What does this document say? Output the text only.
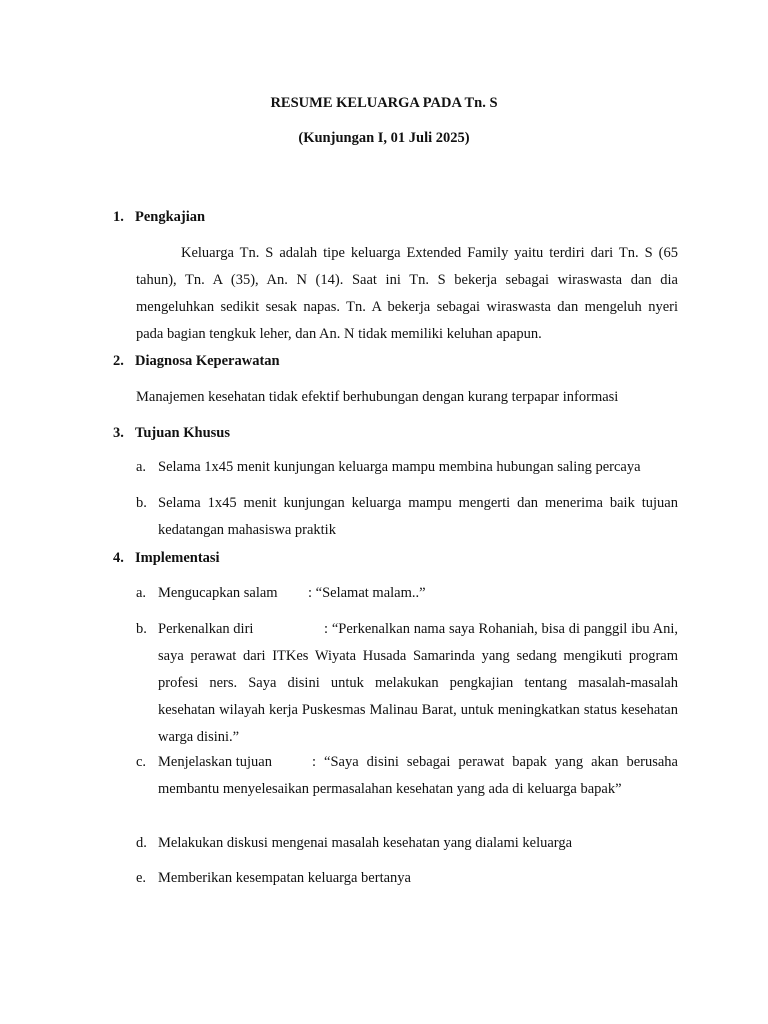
RESUME KELUARGA PADA Tn. S
(Kunjungan I, 01 Juli 2025)
1. Pengkajian
Keluarga Tn. S adalah tipe keluarga Extended Family yaitu terdiri dari Tn. S (65 tahun), Tn. A (35), An. N (14). Saat ini Tn. S bekerja sebagai wiraswasta dan dia mengeluhkan sedikit sesak napas. Tn. A bekerja sebagai wiraswasta dan mengeluh nyeri pada bagian tengkuk leher, dan An. N tidak memiliki keluhan apapun.
2. Diagnosa Keperawatan
Manajemen kesehatan tidak efektif berhubungan dengan kurang terpapar informasi
3. Tujuan Khusus
a. Selama 1x45 menit kunjungan keluarga mampu membina hubungan saling percaya
b. Selama 1x45 menit kunjungan keluarga mampu mengerti dan menerima baik tujuan kedatangan mahasiswa praktik
4. Implementasi
a. Mengucapkan salam : “Selamat malam..”
b. Perkenalkan diri	: “Perkenalkan nama saya Rohaniah, bisa di panggil ibu Ani, saya perawat dari ITKes Wiyata Husada Samarinda yang sedang mengikuti program profesi ners. Saya disini untuk melakukan pengkajian tentang masalah-masalah kesehatan wilayah kerja Puskesmas Malinau Barat, untuk meningkatkan status kesehatan warga disini.”
c. Menjelaskan tujuan	: “Saya disini sebagai perawat bapak yang akan berusaha membantu menyelesaikan permasalahan kesehatan yang ada di keluarga bapak”
d. Melakukan diskusi mengenai masalah kesehatan yang dialami keluarga
e. Memberikan kesempatan keluarga bertanya
